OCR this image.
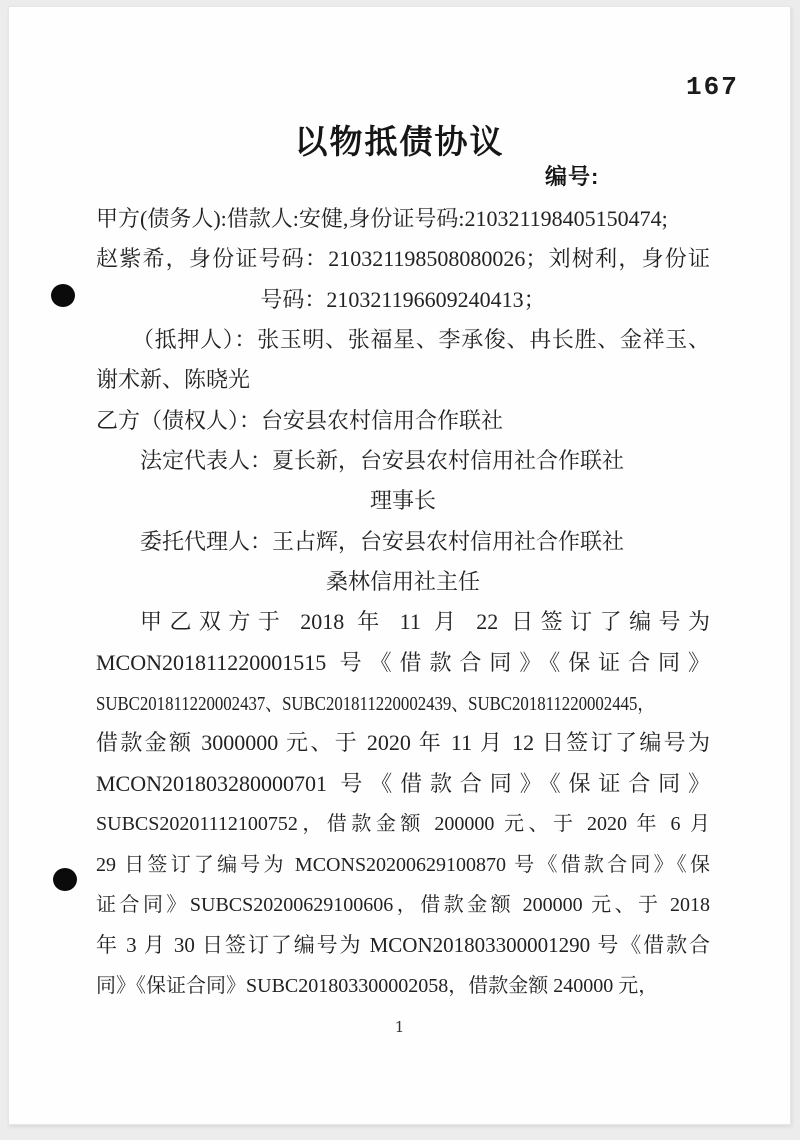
167
以物抵债协议
编号:
甲方(债务人):借款人:安健,身份证号码:210321198405150474;
赵紫希，身份证号码：210321198508080026；刘树利，身份证
号码：210321196609240413；
（抵押人）：张玉明、张福星、李承俊、冉长胜、金祥玉、
谢术新、陈晓光
乙方（债权人）：台安县农村信用合作联社
法定代表人：夏长新，台安县农村信用社合作联社
理事长
委托代理人：王占辉，台安县农村信用社合作联社
桑林信用社主任
甲乙双方于 2018 年 11 月 22 日签订了编号为
MCON201811220001515 号《借款合同》《保证合同》
SUBC201811220002437、SUBC201811220002439、SUBC201811220002445，
借款金额 3000000 元、于 2020 年 11 月 12 日签订了编号为
MCON201803280000701 号《借款合同》《保证合同》
SUBCS20201112100752，借款金额 200000 元、于 2020 年 6 月
29 日签订了编号为 MCONS20200629100870 号《借款合同》《保
证合同》SUBCS20200629100606，借款金额 200000 元、于 2018
年 3 月 30 日签订了编号为 MCON201803300001290 号《借款合
同》《保证合同》SUBC201803300002058，借款金额 240000 元，
1
